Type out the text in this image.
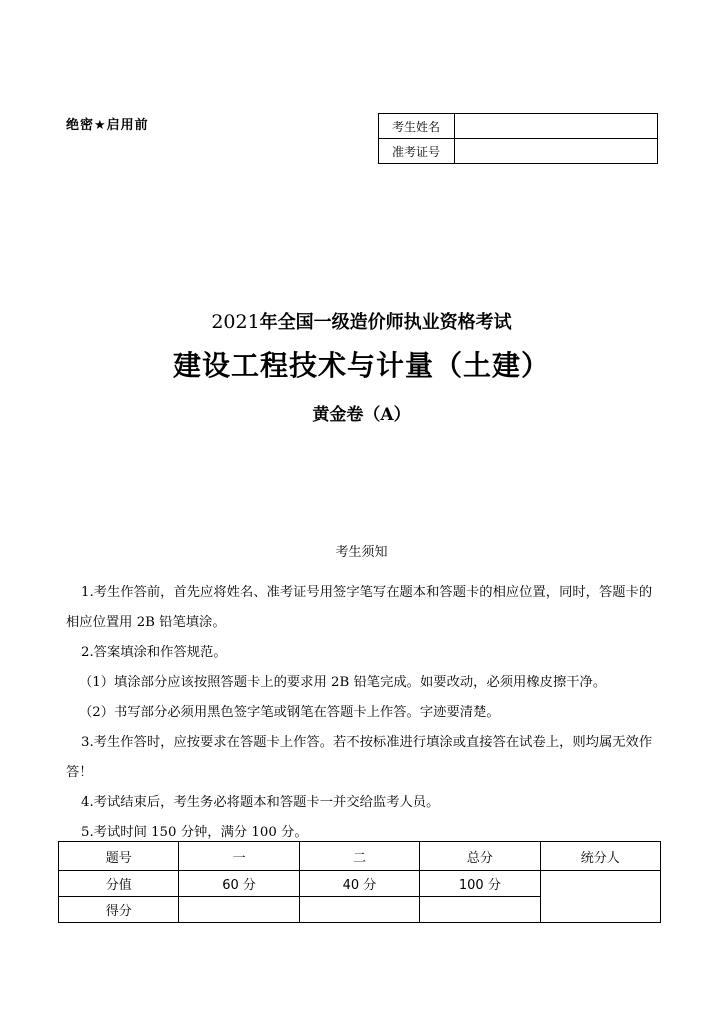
绝密★启用前	考生姓名	
准考证号	
2021年全国一级造价师执业资格考试
建设工程技术与计量（土建）
黄金卷（A）
考生须知

1.考生作答前，首先应将姓名、准考证号用签字笔写在题本和答题卡的相应位置，同时，答题卡的相应位置用 2B 铅笔填涂。

2.答案填涂和作答规范。

（1）填涂部分应该按照答题卡上的要求用 2B 铅笔完成。如要改动，必须用橡皮擦干净。

（2）书写部分必须用黑色签字笔或钢笔在答题卡上作答。字迹要清楚。

3.考生作答时，应按要求在答题卡上作答。若不按标准进行填涂或直接答在试卷上，则均属无效作答！

4.考试结束后，考生务必将题本和答题卡一并交给监考人员。

5.考试时间 150 分钟，满分 100 分。

题号	一	二	总分	统分人
分值	60 分	40 分	100 分	
得分				
